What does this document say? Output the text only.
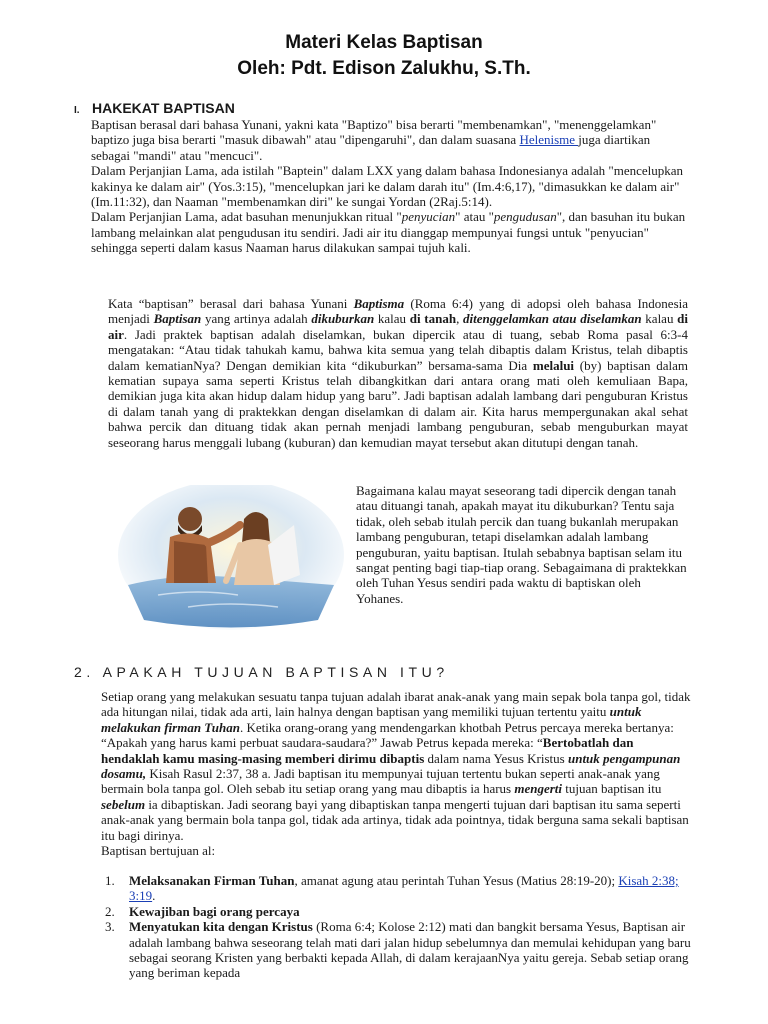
Materi Kelas Baptisan
Oleh: Pdt. Edison Zalukhu, S.Th.
I. HAKEKAT BAPTISAN

Baptisan berasal dari bahasa Yunani, yakni kata "Baptizo" bisa berarti "membenamkan", "menenggelamkan" baptizo juga bisa berarti "masuk dibawah" atau "dipengaruhi", dan dalam suasana Helenisme juga diartikan sebagai "mandi" atau "mencuci".

Dalam Perjanjian Lama, ada istilah "Baptein" dalam LXX yang dalam bahasa Indonesianya adalah "mencelupkan kakinya ke dalam air" (Yos.3:15), "mencelupkan jari ke dalam darah itu" (Im.4:6,17), "dimasukkan ke dalam air" (Im.11:32), dan Naaman "membenamkan diri" ke sungai Yordan (2Raj.5:14).

Dalam Perjanjian Lama, adat basuhan menunjukkan ritual "penyucian" atau "pengudusan", dan basuhan itu bukan lambang melainkan alat pengudusan itu sendiri. Jadi air itu dianggap mempunyai fungsi untuk "penyucian" sehingga seperti dalam kasus Naaman harus dilakukan sampai tujuh kali.

Kata “baptisan” berasal dari bahasa Yunani Baptisma (Roma 6:4) yang di adopsi oleh bahasa Indonesia menjadi Baptisan yang artinya adalah dikuburkan kalau di tanah, ditenggelamkan atau diselamkan kalau di air. Jadi praktek baptisan adalah diselamkan, bukan dipercik atau di tuang, sebab Roma pasal 6:3-4 mengatakan: “Atau tidak tahukah kamu, bahwa kita semua yang telah dibaptis dalam Kristus, telah dibaptis dalam kematianNya? Dengan demikian kita “dikuburkan” bersama-sama Dia melalui (by) baptisan dalam kematian supaya sama seperti Kristus telah dibangkitkan dari antara orang mati oleh kemuliaan Bapa, demikian juga kita akan hidup dalam hidup yang baru”. Jadi baptisan adalah lambang dari penguburan Kristus di dalam tanah yang di praktekkan dengan diselamkan di dalam air. Kita harus mempergunakan akal sehat bahwa percik dan dituang tidak akan pernah menjadi lambang penguburan, sebab menguburkan mayat seseorang harus menggali lubang (kuburan) dan kemudian mayat tersebut akan ditutupi dengan tanah.

Bagaimana kalau mayat seseorang tadi dipercik dengan tanah atau dituangi tanah, apakah mayat itu dikuburkan? Tentu saja tidak, oleh sebab itulah percik dan tuang bukanlah merupakan lambang penguburan, tetapi diselamkan adalah lambang penguburan, yaitu baptisan. Itulah sebabnya baptisan selam itu sangat penting bagi tiap-tiap orang. Sebagaimana di praktekkan oleh Tuhan Yesus sendiri pada waktu di baptiskan oleh Yohanes.

2. APAKAH TUJUAN BAPTISAN ITU?

Setiap orang yang melakukan sesuatu tanpa tujuan adalah ibarat anak-anak yang main sepak bola tanpa gol, tidak ada hitungan nilai, tidak ada arti, lain halnya dengan baptisan yang memiliki tujuan tertentu yaitu untuk melakukan firman Tuhan. Ketika orang-orang yang mendengarkan khotbah Petrus percaya mereka bertanya: “Apakah yang harus kami perbuat saudara-saudara?” Jawab Petrus kepada mereka: “Bertobatlah dan hendaklah kamu masing-masing memberi dirimu dibaptis dalam nama Yesus Kristus untuk pengampunan dosamu, Kisah Rasul 2:37, 38 a. Jadi baptisan itu mempunyai tujuan tertentu bukan seperti anak-anak yang bermain bola tanpa gol. Oleh sebab itu setiap orang yang mau dibaptis ia harus mengerti tujuan baptisan itu sebelum ia dibaptiskan. Jadi seorang bayi yang dibaptiskan tanpa mengerti tujuan dari baptisan itu sama seperti anak-anak yang bermain bola tanpa gol, tidak ada artinya, tidak ada pointnya, tidak berguna sama sekali baptisan itu bagi dirinya.

Baptisan bertujuan al:

1. Melaksanakan Firman Tuhan, amanat agung atau perintah Tuhan Yesus (Matius 28:19-20); Kisah 2:38; 3:19.
2. Kewajiban bagi orang percaya
3. Menyatukan kita dengan Kristus (Roma 6:4; Kolose 2:12) mati dan bangkit bersama Yesus, Baptisan air adalah lambang bahwa seseorang telah mati dari jalan hidup sebelumnya dan memulai kehidupan yang baru sebagai seorang Kristen yang berbakti kepada Allah, di dalam kerajaanNya yaitu gereja. Sebab setiap orang yang beriman kepada
